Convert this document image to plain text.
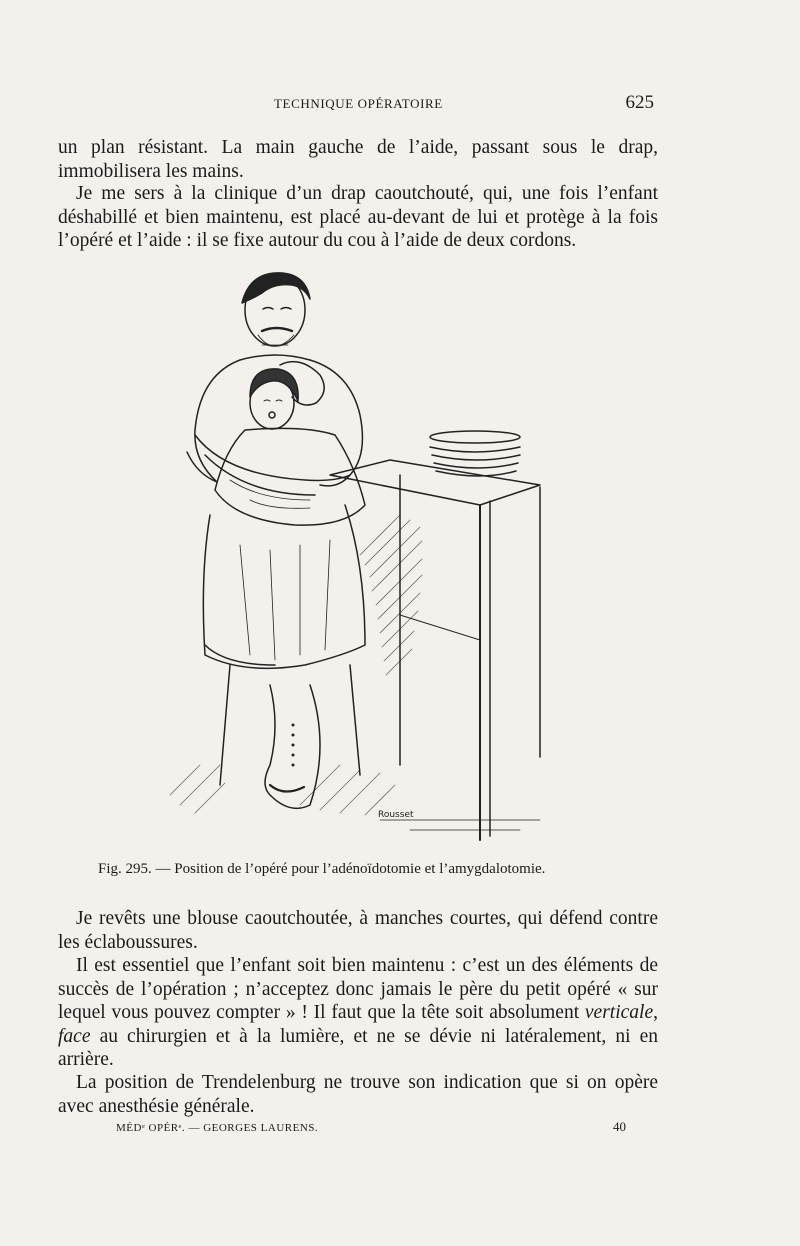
TECHNIQUE OPÉRATOIRE	625

un plan résistant. La main gauche de l’aide, passant sous le drap, immobilisera les mains.

Je me sers à la clinique d’un drap caoutchouté, qui, une fois l’enfant déshabillé et bien maintenu, est placé au-devant de lui et protège à la fois l’opéré et l’aide : il se fixe autour du cou à l’aide de deux cordons.

Rousset
Fig. 295. — Position de l’opéré pour l’adénoïdotomie et l’amygdalotomie.

Je revêts une blouse caoutchoutée, à manches courtes, qui défend contre les éclaboussures.

Il est essentiel que l’enfant soit bien maintenu : c’est un des éléments de succès de l’opération ; n’acceptez donc jamais le père du petit opéré « sur lequel vous pouvez compter » ! Il faut que la tête soit absolument verticale, face au chirurgien et à la lumière, et ne se dévie ni latéralement, ni en arrière.

La position de Trendelenburg ne trouve son indication que si on opère avec anesthésie générale.

MÉDᵉ OPÉRᵉ. — GEORGES LAURENS.	40
